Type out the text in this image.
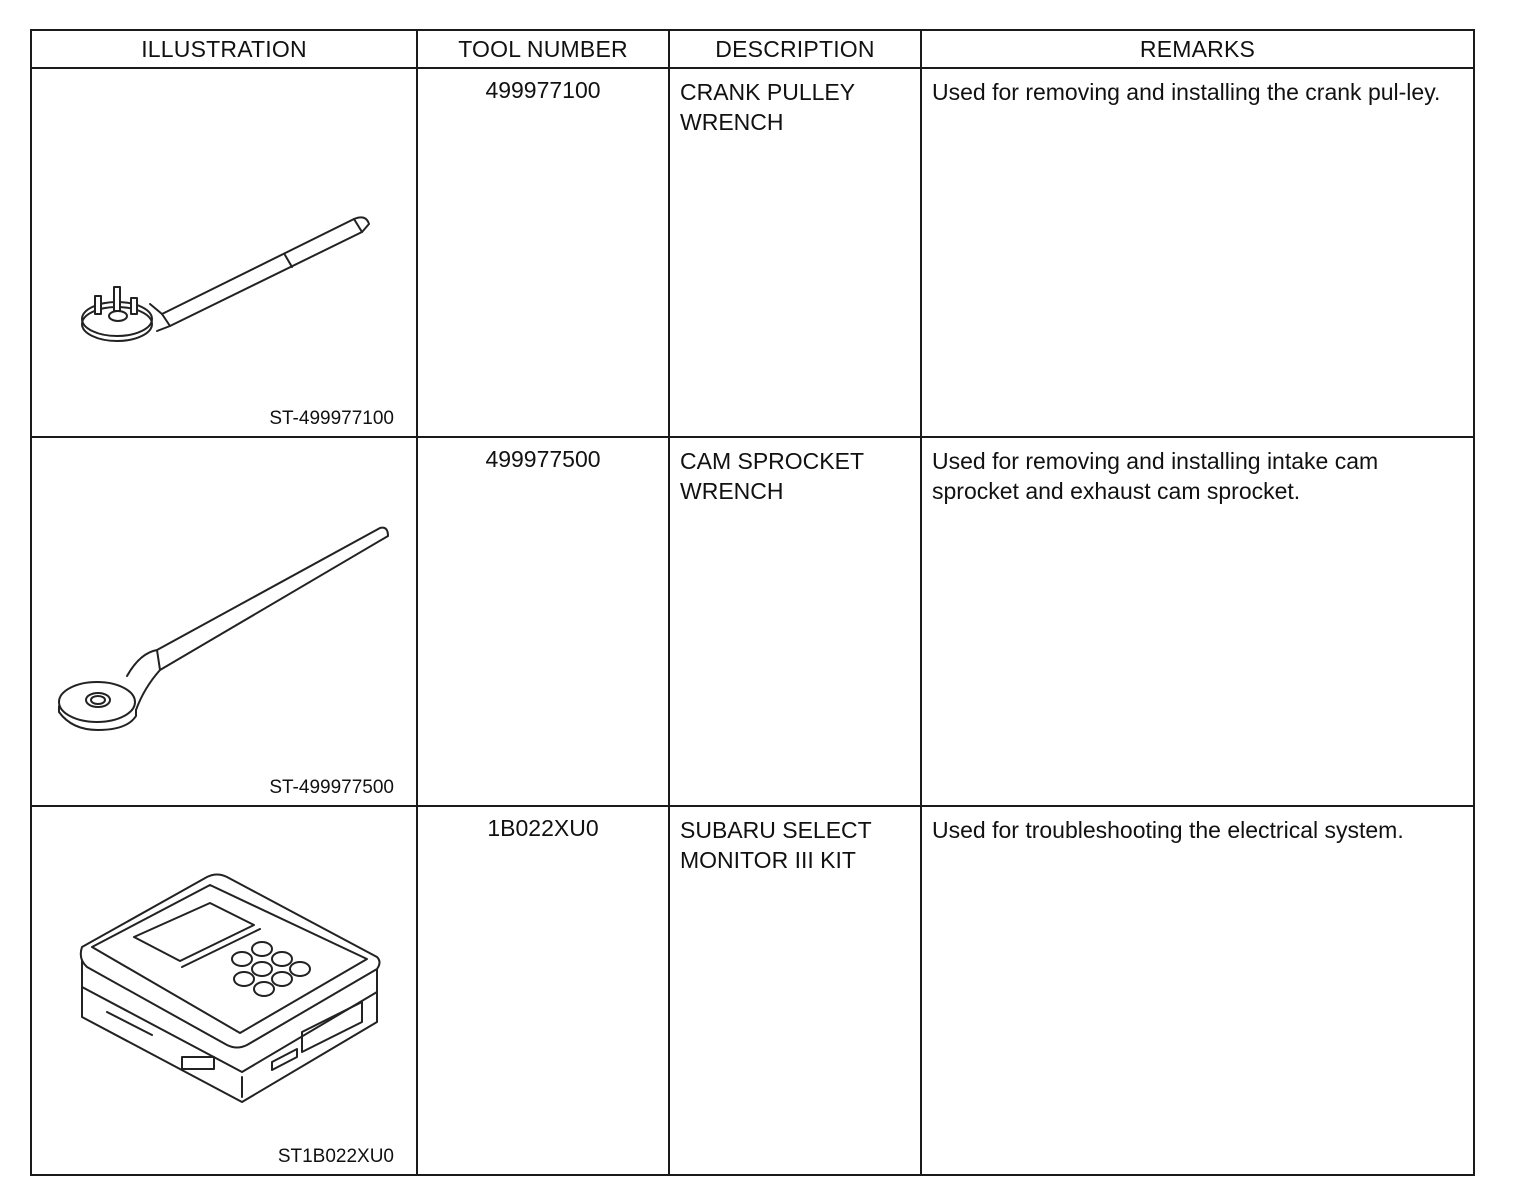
ILLUSTRATION	TOOL NUMBER	DESCRIPTION	REMARKS

ST-499977100	499977100	CRANK PULLEY WRENCH	Used for removing and installing the crank pul-ley.

ST-499977500	499977500	CAM SPROCKET WRENCH	Used for removing and installing intake cam sprocket and exhaust cam sprocket.

ST1B022XU0	1B022XU0	SUBARU SELECT MONITOR III KIT	Used for troubleshooting the electrical system.
